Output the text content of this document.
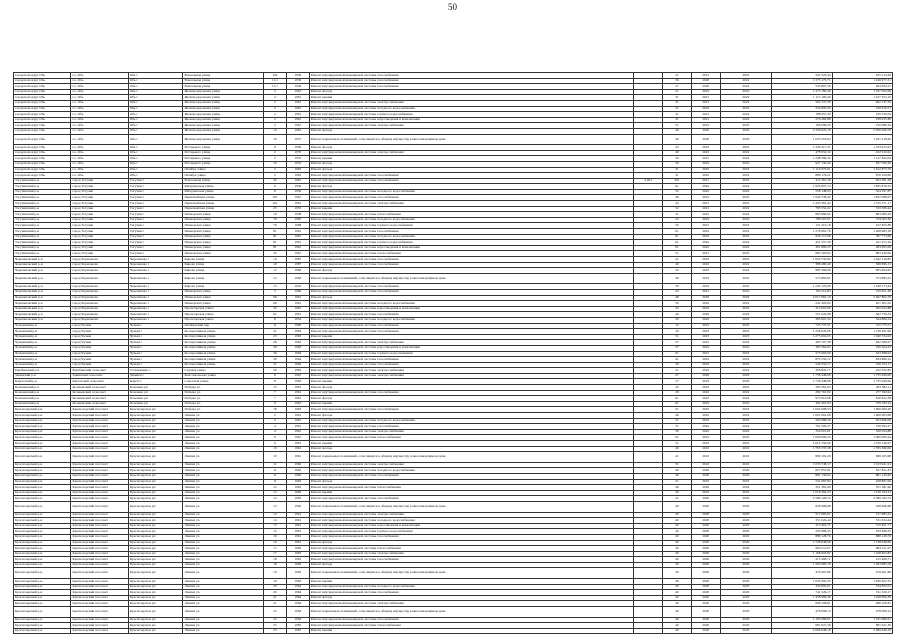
50
городской округ Обь	г.о. Обь	Обь г	Вокзальная улица	104	1936	Ремонт внутридомовой инженерной системы газоснабжения		31	2021	2022	502 525,44	455 214,28
городской округ Обь	г.о. Обь	Обь г	Вокзальная улица	11/1	1936	Ремонт внутридомовой инженерной системы газоснабжения		36	2020	2022	1 375 175,71	1 246 977,31
городской округ Обь	г.о. Обь	Обь г	Вокзальная улица	11/1	1936	Ремонт внутридомовой инженерной системы газоснабжения		27	2020	2022	545 897,50	493 954,15
городской округ Обь	г.о. Обь	Обь г	Железнодорожная улица	2	1961	Ремонт фасада		31	2022	2022	1 375 182,46	1 337 302,06
городской округ Обь	г.о. Обь	Обь г	Железнодорожная улица	2	1961	Ремонт крыши		31	2021	2022	1 113 100,40	1 017 453,10
городской округ Обь	г.о. Обь	Обь г	Железнодорожная улица	2	1961	Ремонт внутридомовой инженерной системы электроснабжения		31	2021	2022	502 137,30	462 137,59
городской округ Обь	г.о. Обь	Обь г	Железнодорожная улица	2	1961	Ремонт внутридомовой инженерной системы холодного водоснабжения		31	2022	2022	254 693,45	229 916,51
городской округ Обь	г.о. Обь	Обь г	Железнодорожная улица	2	1961	Ремонт внутридомовой инженерной системы горячего водоснабжения		31	2021	2022	188 957,32	169 529,04
городской округ Обь	г.о. Обь	Обь г	Железнодорожная улица	2	1961	Ремонт внутридомовой инженерной системы водоотведения и канализации		31	2021	2022	276 482,88	238 935,88
городской округ Обь	г.о. Обь	Обь г	Железнодорожная улица	2	1961	Ремонт внутридомовой инженерной системы электроснабжения		31	2022	2022	166 096,20	150 998,19
городской округ Обь	г.о. Обь	Обь г	Железнодорожная улица	10	1961	Ремонт фасада		46	2020	2020	2 356 623,18	2 056 626,70
городской округ Обь	г.о. Обь	Обь г	Железнодорожная улица	16	1957	Ремонт подвальных помещений, относящихся к общему имуществу в многоквартирном доме		46	2020	2020	1 025 218,62	1 021 218,62
городской округ Обь	г.о. Обь	Обь г	М.Горького улица	8	1956	Ремонт фасада		43	2022	2022	1 329 417,21	1 163 915,97
городской округ Обь	г.о. Обь	Обь г	М.Горького улица	2	1955	Ремонт внутридомовой инженерной системы электроснабжения		49	2022	2022	478 952,32	432 910,02
городской округ Обь	г.о. Обь	Обь г	М.Горького улица	2	1955	Ремонт крыши		50	2021	2022	1 248 580,32	1 127 643,04
городской округ Обь	г.о. Обь	Обь г	М.Горького улица	10	1953	Ремонт фасада		50	2022	2022	927 130,40	837 590,30
городской округ Обь	г.о. Обь	Обь г	Октябрь улица	2	1963	Ремонт фасада		31	2022	2022	1 119 670,91	1 012 873,76
городской округ Обь	г.о. Обь	Обь г	Октябрь улица	2	1963	Ремонт внутридомовой инженерной системы газоснабжения		31	2022	2022	888 176,21	876 329,99
Тогучинский р-н	город Тогучин	Тогучин г	Вокзальная улица	45	1961	Ремонт внутридомовой инженерной системы газоснабжения	2,001	361	2021	2022	411 561,39	403 381,28
Тогучинский р-н	город Тогучин	Тогучин г	Мичуринская улица	9	1956	Ремонт фасада		61	2022	2022	1 926 997,74	1 835 816,33
Тогучинский р-н	город Тогучин	Тогучин г	Мичуринская улица	9	1956	Ремонт внутридомовой инженерной системы холодного водоснабжения		52	2022	2022	558 148,93	524 197,87
Тогучинский р-н	город Тогучин	Тогучин г	Первомайская улица	161	1961	Ремонт внутридомовой инженерной системы газоснабжения		46	2022	2022	1 944 538,42	1 852 588,07
Тогучинский р-н	город Тогучин	Тогучин г	Первомайская улица	161	1961	Ремонт внутридомовой инженерной системы электроснабжения		45	2021	2022	1 433 581,42	1 315 571,17
Тогучинский р-н	город Тогучин	Тогучин г	Первомайская улица	25	1955	Ремонт крыши		52	2021	2022	783 552,22	743 568,44
Тогучинский р-н	город Тогучин	Тогучин г	Пионерская улица	10	1958	Ремонт внутридомовой инженерной системы теплоснабжения		31	2022	2022	865 880,62	803 080,29
Тогучинский р-н	город Тогучин	Тогучин г	Пионерская улица	79	1965	Ремонт внутридомовой инженерной системы холодного водоснабжения		52	2022	2022	789 507,01	734 505,30
Тогучинский р-н	город Тогучин	Тогучин г	Пионерская улица	79	1968	Ремонт внутридомовой инженерной системы горячего водоснабжения		50	2021	2022	121 415,16	107 825,89
Тогучинский р-н	город Тогучин	Тогучин г	Пионерская улица	81	1961	Ремонт внутридомовой инженерной системы газоснабжения		61	2022	2022	1 278 981,76	1 208 983,18
Тогучинский р-н	город Тогучин	Тогучин г	Пионерская улица	81	1961	Ремонт внутридомовой инженерной системы холодного водоснабжения		61	2022	2022	626 113,96	597 773,60
Тогучинский р-н	город Тогучин	Тогучин г	Пионерская улица	81	1961	Ремонт внутридомовой инженерной системы горячего водоснабжения		61	2022	2022	451 557,39	421 472,16
Тогучинский р-н	город Тогучин	Тогучин г	Пионерская улица	81	1961	Ремонт внутридомовой инженерной системы водоотведения и канализации		61	2022	2022	301 885,25	283 005,06
Тогучинский р-н	город Тогучин	Тогучин г	Пионерская улица	45	1961	Ремонт внутридомовой инженерной системы теплоснабжения		51	2021	2022	985 163,63	883 440,06
Черепановский р-н	город Черепаново	Черепаново г	Кирова улица	10	1987	Ремонт внутридомовой инженерной системы газоснабжения		41	2022	2022	1 654 735,82	1 642 219,82
Черепановский р-н	город Черепаново	Черепаново г	Кирова улица	10	1987	Ремонт внутридомовой инженерной системы газоснабжения		40	2022	2022	388 480,40	369 996,15
Черепановский р-н	город Черепаново	Черепаново г	Кирова улица	12	1963	Ремонт фасада		45	2023	2022	985 309,08	905 904,95
Черепановский р-н	город Черепаново	Черепаново г	Кирова улица	12	1963	Ремонт подвальных помещений, относящихся к общему имуществу в многоквартирном доме		46	2023	2022	575 895,61	573 895,61
Черепановский р-н	город Черепаново	Черепаново г	Кирова улица	13	1954	Ремонт внутридомовой инженерной системы газоснабжения		36	2022	2022	1 245 125,09	1 228 173,44
Черепановский р-н	город Черепаново	Черепаново г	Пионерская улица	3	1960	Ремонт внутридомовой инженерной системы газоснабжения		43	2021	2022	165 512,83	159 621,30
Черепановский р-н	город Черепаново	Черепаново г	Пионерская улица	96	1961	Ремонт фасада		48	2020	2020	2 617 681,19	2 467 802,76
Черепановский р-н	город Черепаново	Черепаново г	Пионерская улица	96	1961	Ремонт внутридомовой инженерной системы холодного водоснабжения		50	2022	2022	242 303,92	201 301,02
Черепановский р-н	город Черепаново	Черепаново г	Пролетарская улица	34	1961	Ремонт внутридомовой инженерной системы водоотведения и канализации		43	2022	2022	315 001,09	265 022,88
Черепановский р-н	город Черепаново	Черепаново г	Пролетарская улица	91	1961	Ремонт внутридомовой инженерной системы газоснабжения		49	2020	2020	531 622,08	502 739,33
Черепановский р-н	город Черепаново	Черепаново г	Пролетарская улица	8	1954	Ремонт внутридомовой инженерной системы холодного водоснабжения		50	2022	2022	385 001,32	344 806,54
Чулымский р-н	город Чулым	Чулым г	Октябрьский пер.	11	1960	Ремонт внутридомовой инженерной системы газоснабжения		12	2022	2022	725 775,51	725 775,51
Чулымский р-н	город Чулым	Чулым г	Кооперативная улица	21	1963	Ремонт внутридомовой инженерной системы газоснабжения		30	2023	2023	1 258 020,06	1 138 491,90
Чулымский р-н	город Чулым	Чулым г	Кооперативная улица	23	1963	Ремонт крыши		31	2023	2023	1 275 004,95	1 040 534,02
Чулымский р-н	город Чулым	Чулым г	Кооперативная улица	28	1963	Ремонт внутридомовой инженерной системы электроснабжения		37	2022	2022	495 707,58	462 568,27
Чулымский р-н	город Чулым	Чулым г	Кооперативная улица	28	1963	Ремонт внутридомовой инженерной системы водоотведения и канализации		37	2022	2022	303 362,93	230 304,23
Чулымский р-н	город Чулым	Чулым г	Кооперативная улица	30	1964	Ремонт внутридомовой инженерной системы горячего водоснабжения		61	2021	2022	573 663,90	523 998,02
Чулымский р-н	город Чулым	Чулым г	Кооперативная улица	30	1964	Ремонт внутридомовой инженерной системы газоснабжения		41	2022	2022	874 550,12	834 890,12
Чулымский р-н	город Чулым	Чулым г	Кооперативная улица	47	1964	Ремонт внутридомовой инженерной системы газоснабжения		30	2022	2022	526 553,17	526 553,17
Барабинский р-н	Барабинский сельсовет	Устюжанино с	Садовая улица	56	1965	Ремонт внутридомовой инженерной системы электроснабжения		31	2022	2022	456 822,71	432 322,83
Здвинский р-н	Здвинский сельсовет	Здвинск с	Комсомольская улица	6	1961	Ремонт внутридомовой инженерной системы электроснабжения		27	2020	2020	1 758 448,08	1 735 949,00
Каргатский р-н	Каргатский сельсовет	Каргат г	Советская улица	8	1963	Ремонт крыши		27	2019	2020	1 758 448,08	1 735 949,00
Коченевский р-н	Коченевский сельсовет	Коченево рп	Победы ул.	15	1961	Ремонт фасада		20	2022	2022	285 381,05	263 382,11
Коченевский р-н	Коченевский сельсовет	Коченево рп	Победы ул.	7	1961	Ремонт внутридомовой инженерной системы газоснабжения		29	2022	2022	284 701,82	277 590,92
Коченевский р-н	Коченевский сельсовет	Коченево рп	Победы ул.	7	1961	Ремонт фасада		61	2022	2022	975 912,98	810 812,38
Коченевский р-н	Коченевский сельсовет	Коченево рп	Победы ул.	9	1961	Ремонт крыши		61	2022	2022	392 401,04	378 182,24
Краснозерский р-н	Краснозерский поссовет	Краснозерское рп	Победы ул.	18	1963	Ремонт внутридомовой инженерной системы газоснабжения		31	2022	2022	1 002 008,33	1 000 000,26
Краснозерский р-н	Краснозерский поссовет	Краснозерское рп	Ленина ул.	2	1961	Ремонт фасада		40	2022	2022	1 001 081,08	1 000 063,98
Краснозерский р-н	Краснозерский поссовет	Краснозерское рп	Ленина ул.	2	1961	Ремонт внутридомовой инженерной системы холодного водоснабжения		51	2022	2022	204 888,36	203 696,00
Краснозерский р-н	Краснозерский поссовет	Краснозерское рп	Ленина ул.	4	1961	Ремонт внутридомовой инженерной системы газоснабжения		51	2022	2022	781 595,27	750 595,27
Краснозерский р-н	Краснозерский поссовет	Краснозерское рп	Ленина ул.	4	1961	Ремонт внутридомовой инженерной системы электроснабжения		30	2022	2022	354 001,81	320 024,80
Краснозерский р-н	Краснозерский поссовет	Краснозерское рп	Ленина ул.	6	1961	Ремонт внутридомовой инженерной системы теплоснабжения		41	2022	2022	1 000 000,24	1 000 000,24
Краснозерский р-н	Краснозерский поссовет	Краснозерское рп	Ленина ул.	6	1961	Ремонт крыши		51	2022	2022	2 614 150,09	1 919 146,07
Краснозерский р-н	Краснозерский поссовет	Краснозерское рп	Ленина ул.	10	1961	Ремонт фасада		40	2022	2022	1 765 537,28	1 765 360,00
Краснозерский р-н	Краснозерский поссовет	Краснозерское рп	Ленина ул.	10	1961	Ремонт подвальных помещений, относящихся к общему имуществу в многоквартирном доме		41	2022	2022	699 102,29	699 105,98
Краснозерский р-н	Краснозерский поссовет	Краснозерское рп	Ленина ул.	11	1962	Ремонт внутридомовой инженерной системы электроснабжения		31	2022	2022	1 033 748,17	1 013 941,91
Краснозерский р-н	Краснозерский поссовет	Краснозерское рп	Ленина ул.	11	1962	Ремонт внутридомовой инженерной системы холодного водоснабжения		40	2020	2020	627 851,81	627 851,81
Краснозерский р-н	Краснозерский поссовет	Краснозерское рп	Ленина ул.	11	1962	Ремонт внутридомовой инженерной системы газоснабжения		40	2020	2020	881 130,62	881 130,62
Краснозерский р-н	Краснозерский поссовет	Краснозерское рп	Ленина ул.	11	1962	Ремонт фасада		41	2022	2022	531 087,84	458 807,64
Краснозерский р-н	Краснозерский поссовет	Краснозерское рп	Ленина ул.	12	1963	Ремонт внутридомовой инженерной системы теплоснабжения		40	2020	2020	351 381,90	351 381,90
Краснозерский р-н	Краснозерский поссовет	Краснозерское рп	Ленина ул.	12	1963	Ремонт крыши		40	2022	2022	1 018 364,23	1 018 164,23
Краснозерский р-н	Краснозерский поссовет	Краснозерское рп	Ленина ул.	12	1963	Ремонт внутридомовой инженерной системы газоснабжения		41	2020	2020	2 589 126,72	2 589 162,72
Краснозерский р-н	Краснозерский поссовет	Краснозерское рп	Ленина ул.	13	1962	Ремонт подвальных помещений, относящихся к общему имуществу в многоквартирном доме		40	2020	2020	938 496,68	938 496,68
Краснозерский р-н	Краснозерский поссовет	Краснозерское рп	Ленина ул.	14	1961	Ремонт внутридомовой инженерной системы электроснабжения		40	2020	2020	517 685,61	517 685,61
Краснозерский р-н	Краснозерский поссовет	Краснозерское рп	Ленина ул.	14	1961	Ремонт внутридомовой инженерной системы холодного водоснабжения		40	2020	2020	331 024,44	331 024,44
Краснозерский р-н	Краснозерский поссовет	Краснозерское рп	Ленина ул.	15	1961	Ремонт внутридомовой инженерной системы водоотведения и канализации		40	2020	2020	315 401,71	315 401,71
Краснозерский р-н	Краснозерский поссовет	Краснозерское рп	Ленина ул.	15	1961	Ремонт внутридомовой инженерной системы горячего водоснабжения		40	2020	2020	293 986,55	293 986,55
Краснозерский р-н	Краснозерский поссовет	Краснозерское рп	Ленина ул.	16	1961	Ремонт внутридомовой инженерной системы газоснабжения		40	2020	2020	888 128,76	888 128,76
Краснозерский р-н	Краснозерский поссовет	Краснозерское рп	Ленина ул.	16	1961	Ремонт фасада		40	2020	2020	1 728 048,69	1 728 048,69
Краснозерский р-н	Краснозерский поссовет	Краснозерское рп	Ленина ул.	17	1963	Ремонт внутридомовой инженерной системы теплоснабжения		40	2020	2020	694 511,07	694 511,07
Краснозерский р-н	Краснозерский поссовет	Краснозерское рп	Ленина ул.	17	1963	Ремонт внутридомовой инженерной системы электроснабжения		40	2020	2020	1 168 603,82	1 168 603,82
Краснозерский р-н	Краснозерский поссовет	Краснозерское рп	Ленина ул.	18	1963	Ремонт внутридомовой инженерной системы газоснабжения		40	2020	2020	215 408,71	215 408,71
Краснозерский р-н	Краснозерский поссовет	Краснозерское рп	Ленина ул.	18	1963	Ремонт фасада		40	2020	2020	1 563 985,76	1 563 985,76
Краснозерский р-н	Краснозерский поссовет	Краснозерское рп	Ленина ул.	19	1963	Ремонт подвальных помещений, относящихся к общему имуществу в многоквартирном доме		40	2020	2020	479 401,86	479 401,86
Краснозерский р-н	Краснозерский поссовет	Краснозерское рп	Ленина ул.	19	1963	Ремонт крыши		40	2020	2020	1 026 402,35	1 026 402,35
Краснозерский р-н	Краснозерский поссовет	Краснозерское рп	Ленина ул.	20	1964	Ремонт внутридомовой инженерной системы холодного водоснабжения		40	2020	2020	334 002,01	334 002,01
Краснозерский р-н	Краснозерский поссовет	Краснозерское рп	Ленина ул.	20	1964	Ремонт внутридомовой инженерной системы газоснабжения		40	2020	2020	741 520,17	741 520,17
Краснозерский р-н	Краснозерский поссовет	Краснозерское рп	Ленина ул.	21	1964	Ремонт фасада		40	2020	2020	1 458 966,36	1 458 966,36
Краснозерский р-н	Краснозерский поссовет	Краснозерское рп	Ленина ул.	21	1964	Ремонт внутридомовой инженерной системы электроснабжения		40	2020	2020	698 108,81	698 108,81
Краснозерский р-н	Краснозерский поссовет	Краснозерское рп	Ленина ул.	22	1964	Ремонт подвальных помещений, относящихся к общему имуществу в многоквартирном доме		40	2020	2020	478 008,14	478 008,14
Краснозерский р-н	Краснозерский поссовет	Краснозерское рп	Ленина ул.	22	1964	Ремонт внутридомовой инженерной системы газоснабжения		40	2020	2020	1 195 686,61	1 195 686,61
Краснозерский р-н	Краснозерский поссовет	Краснозерское рп	Ленина ул.	23	1965	Ремонт внутридомовой инженерной системы теплоснабжения		40	2020	2020	681 021,30	681 021,30
Краснозерский р-н	Краснозерский поссовет	Краснозерское рп	Ленина ул.	23	1965	Ремонт крыши		40	2020	2020	2 066 648,18	2 066 648,18
